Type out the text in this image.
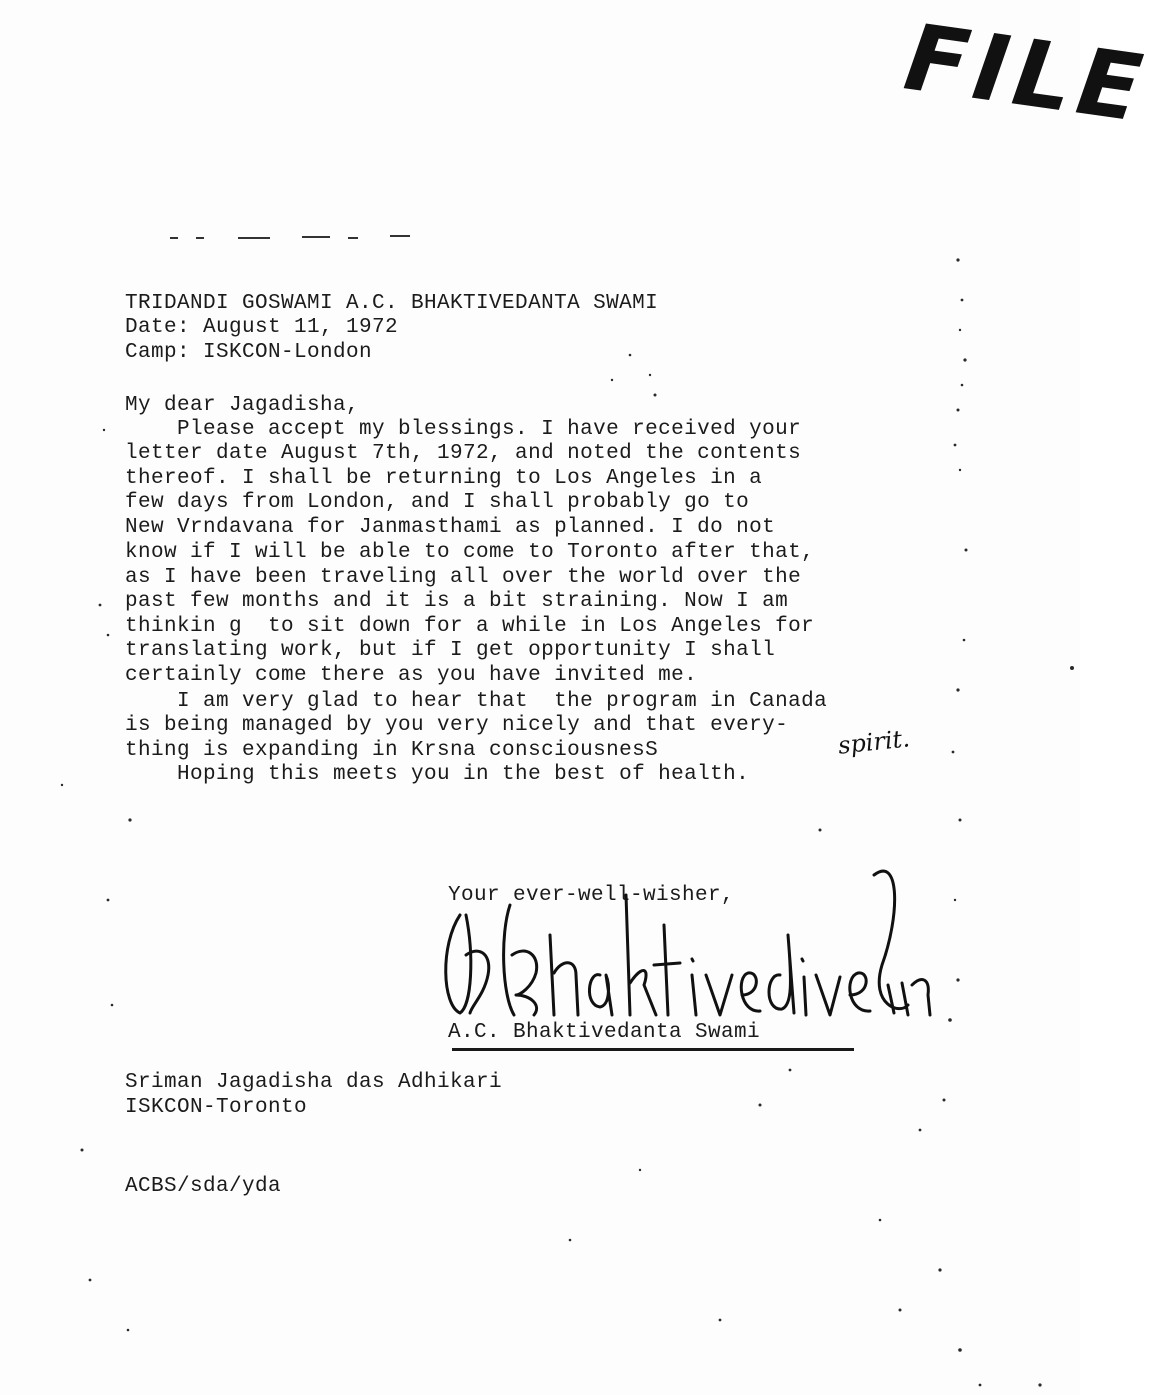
FILE
TRIDANDI GOSWAMI A.C. BHAKTIVEDANTA SWAMI
Date: August 11, 1972
Camp: ISKCON-London
My dear Jagadisha,
Please accept my blessings. I have received your
letter date August 7th, 1972, and noted the contents
thereof. I shall be returning to Los Angeles in a
few days from London, and I shall probably go to
New Vrndavana for Janmasthami as planned. I do not
know if I will be able to come to Toronto after that,
as I have been traveling all over the world over the
past few months and it is a bit straining. Now I am
thinkin g  to sit down for a while in Los Angeles for
translating work, but if I get opportunity I shall
certainly come there as you have invited me.
I am very glad to hear that  the program in Canada
is being managed by you very nicely and that every-
thing is expanding in Krsna consciousnesS	spirit.
Hoping this meets you in the best of health.
Your ever-well-wisher,
A.C. Bhaktivedanta Swami
Sriman Jagadisha das Adhikari
ISKCON-Toronto
ACBS/sda/yda
